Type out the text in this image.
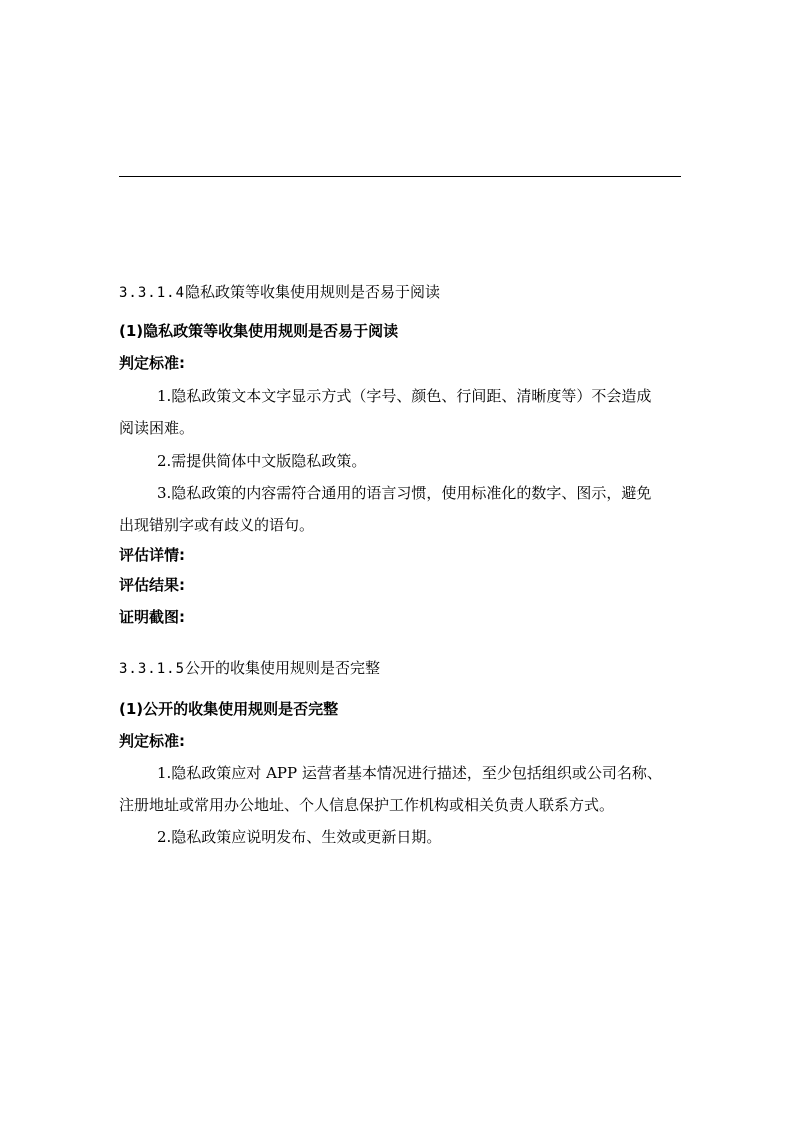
3.3.1.4隐私政策等收集使用规则是否易于阅读
(1)隐私政策等收集使用规则是否易于阅读
判定标准:
1.隐私政策文本文字显示方式（字号、颜色、行间距、清晰度等）不会造成
阅读困难。
2.需提供简体中文版隐私政策。
3.隐私政策的内容需符合通用的语言习惯，使用标准化的数字、图示，避免
出现错别字或有歧义的语句。
评估详情:
评估结果:
证明截图:
3.3.1.5公开的收集使用规则是否完整
(1)公开的收集使用规则是否完整
判定标准:
1.隐私政策应对 APP 运营者基本情况进行描述，至少包括组织或公司名称、
注册地址或常用办公地址、个人信息保护工作机构或相关负责人联系方式。
2.隐私政策应说明发布、生效或更新日期。
